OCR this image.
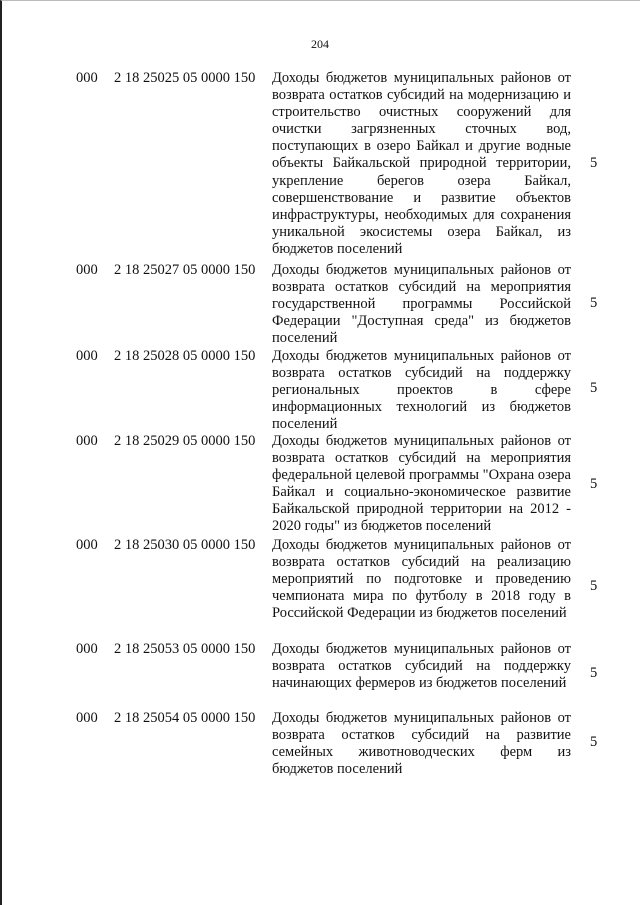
204
000 2 18 25025 05 0000 150 Доходы бюджетов муниципальных районов от возврата остатков субсидий на модернизацию и строительство очистных сооружений для очистки загрязненных сточных вод, поступающих в озеро Байкал и другие водные объекты Байкальской природной территории, укрепление берегов озера Байкал, совершенствование и развитие объектов инфраструктуры, необходимых для сохранения уникальной экосистемы озера Байкал, из бюджетов поселений
5
000 2 18 25027 05 0000 150 Доходы бюджетов муниципальных районов от возврата остатков субсидий на мероприятия государственной программы Российской Федерации "Доступная среда" из бюджетов поселений
5
000 2 18 25028 05 0000 150 Доходы бюджетов муниципальных районов от возврата остатков субсидий на поддержку региональных проектов в сфере информационных технологий из бюджетов поселений
5
000 2 18 25029 05 0000 150 Доходы бюджетов муниципальных районов от возврата остатков субсидий на мероприятия федеральной целевой программы "Охрана озера Байкал и социально-экономическое развитие Байкальской природной территории на 2012 - 2020 годы" из бюджетов поселений
5
000 2 18 25030 05 0000 150 Доходы бюджетов муниципальных районов от возврата остатков субсидий на реализацию мероприятий по подготовке и проведению чемпионата мира по футболу в 2018 году в Российской Федерации из бюджетов поселений
5
000 2 18 25053 05 0000 150 Доходы бюджетов муниципальных районов от возврата остатков субсидий на поддержку начинающих фермеров из бюджетов поселений
5
000 2 18 25054 05 0000 150 Доходы бюджетов муниципальных районов от возврата остатков субсидий на развитие семейных животноводческих ферм из бюджетов поселений
5
